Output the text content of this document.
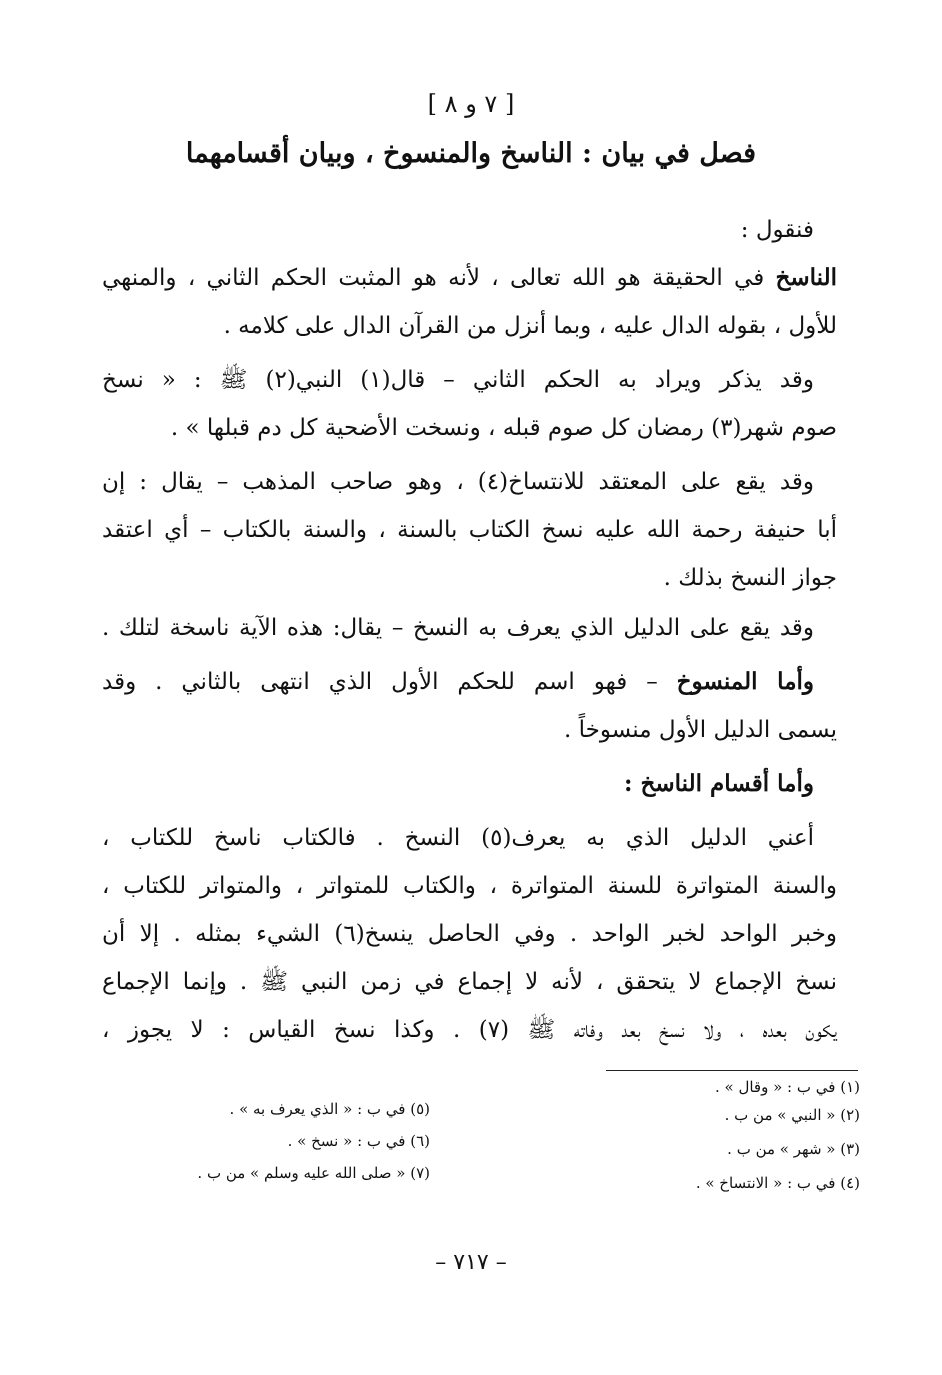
[ ٧ و ٨ ]
فصل في بيان : الناسخ والمنسوخ ، وبيان أقسامهما
فنقول :
الناسخ في الحقيقة هو الله تعالى ، لأنه هو المثبت الحكم الثاني ، والمنهي
للأول ، بقوله الدال عليه ، وبما أنزل من القرآن الدال على كلامه .
وقد يذكر ويراد به الحكم الثاني – قال(١) النبي(٢) ﷺ : « نسخ
صوم شهر(٣) رمضان كل صوم قبله ، ونسخت الأضحية كل دم قبلها » .
وقد يقع على المعتقد للانتساخ(٤) ، وهو صاحب المذهب – يقال : إن
أبا حنيفة رحمة الله عليه نسخ الكتاب بالسنة ، والسنة بالكتاب – أي اعتقد
جواز النسخ بذلك .
وقد يقع على الدليل الذي يعرف به النسخ – يقال: هذه الآية ناسخة لتلك .
وأما المنسوخ – فهو اسم للحكم الأول الذي انتهى بالثاني . وقد
يسمى الدليل الأول منسوخاً .
وأما أقسام الناسخ :
أعني الدليل الذي به يعرف(٥) النسخ . فالكتاب ناسخ للكتاب ،
والسنة المتواترة للسنة المتواترة ، والكتاب للمتواتر ، والمتواتر للكتاب ،
وخبر الواحد لخبر الواحد . وفي الحاصل ينسخ(٦) الشيء بمثله . إلا أن
نسخ الإجماع لا يتحقق ، لأنه لا إجماع في زمن النبي ﷺ . وإنما الإجماع
يكون بعده ، ولا نسخ بعد وفاته ﷺ (٧) . وكذا نسخ القياس : لا يجوز ،
(١) في ب : « وقال » .
(٢) « النبي » من ب .
(٣) « شهر » من ب .
(٤) في ب : « الانتساخ » .
(٥) في ب : « الذي يعرف به » .
(٦) في ب : « نسخ » .
(٧) « صلى الله عليه وسلم » من ب .
– ٧١٧ –
